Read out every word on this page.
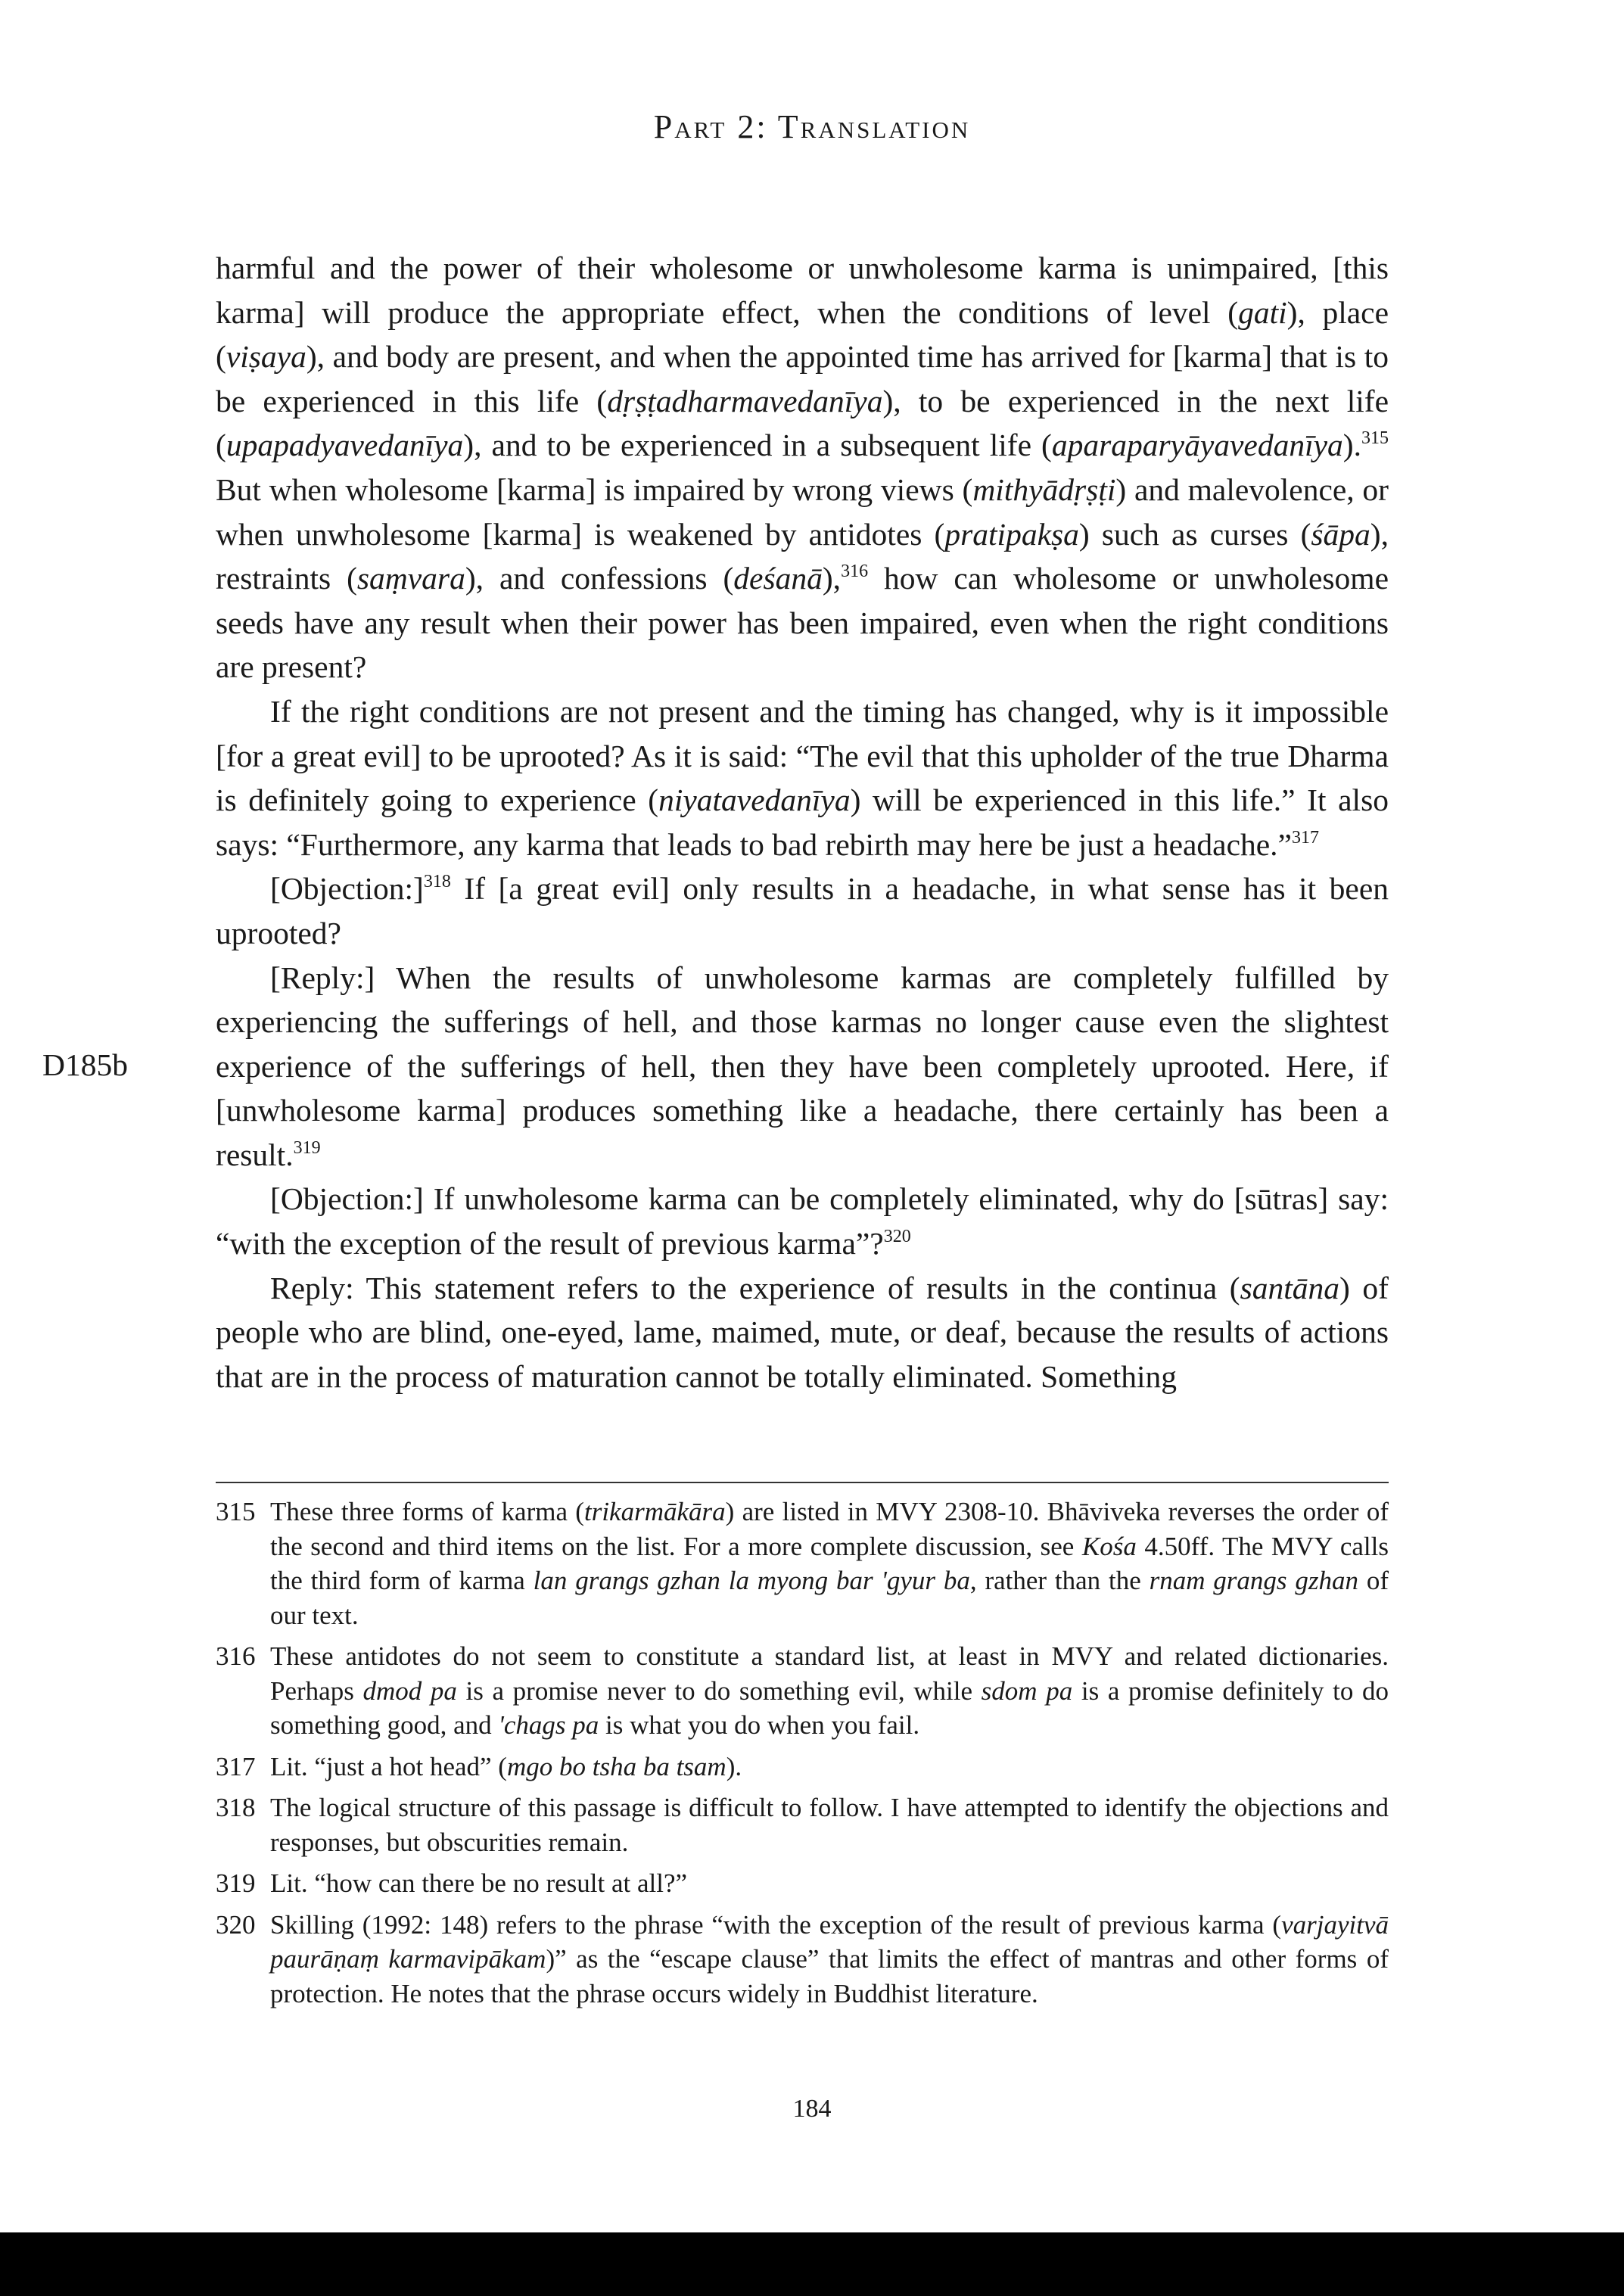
Part 2: Translation
D185b

harmful and the power of their wholesome or unwholesome karma is unimpaired, [this karma] will produce the appropriate effect, when the conditions of level (gati), place (viṣaya), and body are present, and when the appointed time has arrived for [karma] that is to be experienced in this life (dṛṣṭadharmavedanīya), to be experienced in the next life (upapadyavedanīya), and to be experienced in a subsequent life (aparaparyāyavedanīya).$^{315}$ But when wholesome [karma] is impaired by wrong views (mithyādṛṣṭi) and malevolence, or when unwholesome [karma] is weakened by antidotes (pratipakṣa) such as curses (śāpa), restraints (saṃvara), and confessions (deśanā),$^{316}$ how can wholesome or unwholesome seeds have any result when their power has been impaired, even when the right conditions are present?

If the right conditions are not present and the timing has changed, why is it impossible [for a great evil] to be uprooted? As it is said: “The evil that this upholder of the true Dharma is definitely going to experience (niyatavedanīya) will be experienced in this life.” It also says: “Furthermore, any karma that leads to bad rebirth may here be just a headache.”$^{317}$

[Objection:]$^{318}$ If [a great evil] only results in a headache, in what sense has it been uprooted?

[Reply:] When the results of unwholesome karmas are completely fulfilled by experiencing the sufferings of hell, and those karmas no longer cause even the slightest experience of the sufferings of hell, then they have been completely uprooted. Here, if [unwholesome karma] produces something like a headache, there certainly has been a result.$^{319}$

[Objection:] If unwholesome karma can be completely eliminated, why do [sūtras] say: “with the exception of the result of previous karma”?$^{320}$

Reply: This statement refers to the experience of results in the continua (santāna) of people who are blind, one-eyed, lame, maimed, mute, or deaf, because the results of actions that are in the process of maturation cannot be totally eliminated. Something

315 These three forms of karma (trikarmākāra) are listed in MVY 2308-10. Bhāviveka reverses the order of the second and third items on the list. For a more complete discussion, see Kośa 4.50ff. The MVY calls the third form of karma lan grangs gzhan la myong bar 'gyur ba, rather than the rnam grangs gzhan of our text.
316 These antidotes do not seem to constitute a standard list, at least in MVY and related dictionaries. Perhaps dmod pa is a promise never to do something evil, while sdom pa is a promise definitely to do something good, and 'chags pa is what you do when you fail.
317 Lit. “just a hot head” (mgo bo tsha ba tsam).
318 The logical structure of this passage is difficult to follow. I have attempted to identify the objections and responses, but obscurities remain.
319 Lit. “how can there be no result at all?”
320 Skilling (1992: 148) refers to the phrase “with the exception of the result of previous karma (varjayitvā paurāṇaṃ karmavipākam)” as the “escape clause” that limits the effect of mantras and other forms of protection. He notes that the phrase occurs widely in Buddhist literature.
184
